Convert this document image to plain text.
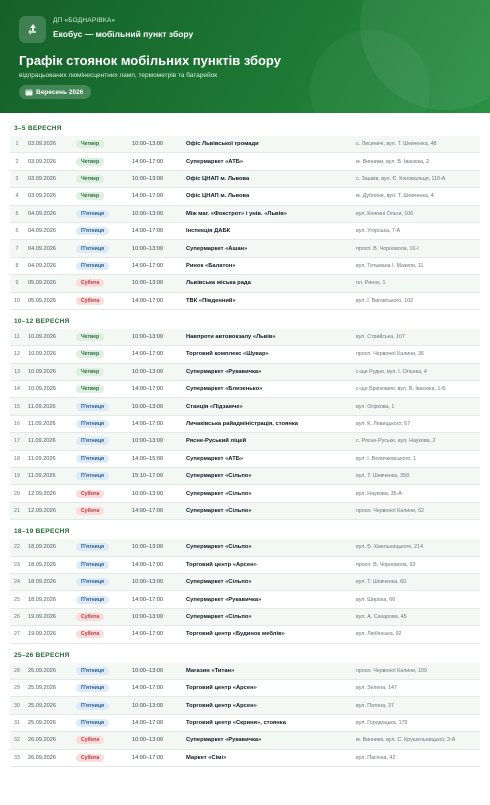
ДП «БОДНАРІВКА»
Екобус — мобільний пункт збору
Графік стоянок мобільних пунктів збору
відпрацьованих люмінесцентних ламп, термометрів та батарейок
Вересень 2026
3–5 ВЕРЕСНЯ
1	03.09.2026	Четвер	10:00–13:00	Офіс Львівської громади	с. Лисиничі, вул. Т. Шевченка, 48
2	03.09.2026	Четвер	14:00–17:00	Супермаркет «АТБ»	м. Винники, вул. В. Івасюка, 2
3	03.09.2026	Четвер	10:00–13:00	Офіс ЦНАП м. Львова	с. Зашків, вул. Є. Коновальця, 110-А
4	03.09.2026	Четвер	14:00–17:00	Офіс ЦНАП м. Львова	м. Дубляни, вул. Т. Шевченка, 4
5	04.09.2026	П'ятниця	10:00–13:00	Між маг. «Фокстрот» і унів. «Львів»	вул. Княгині Ольги, 106
6	04.09.2026	П'ятниця	14:00–17:00	Інспекція ДАБК	вул. Угорська, 7-А
7	04.09.2026	П'ятниця	10:00–13:00	Супермаркет «Ашан»	просп. В. Чорновола, 16-І
8	04.09.2026	П'ятниця	14:00–17:00	Ринок «Балатон»	вул. Тетьмана І. Мазепи, 11
9	05.09.2026	Субота	10:00–13:00	Львівська міська рада	пл. Ринок, 1
10	05.09.2026	Субота	14:00–17:00	ТВК «Південний»	вул. І. Виговського, 102
10–12 ВЕРЕСНЯ
11	10.09.2026	Четвер	10:00–13:00	Навпроти автовокзалу «Львів»	вул. Стрийська, 107
12	10.09.2026	Четвер	14:00–17:00	Торговий комплекс «Шувар»	просп. Червоної Калини, 36
13	10.09.2026	Четвер	10:00–13:00	Супермаркет «Рукавичка»	с-ще Рудно, вул. І. Огієнка, 4
14	10.09.2026	Четвер	14:00–17:00	Супермаркет «Близенько»	с-ще Брюховичі, вул. В. Івасюка, 1-Б
15	11.09.2026	П'ятниця	10:00–13:00	Станція «Підзамче»	вул. Огіркова, 1
16	11.09.2026	П'ятниця	14:00–17:00	Личаківська райадміністрація, стоянка	вул. К. Левицького, 67
17	11.09.2026	П'ятниця	10:00–13:00	Рясне-Руський ліцей	с. Рясне-Руське, вул. Наукова, 2
18	11.09.2026	П'ятниця	14:00–15:00	Супермаркет «АТБ»	вул. І. Величковського, 1
19	11.09.2026	П'ятниця	15:10–17:00	Супермаркет «Сільпо»	вул. Т. Шевченка, 358
20	12.09.2026	Субота	10:00–13:00	Супермаркет «Сільпо»	вул. Наукова, 35-А
21	12.09.2026	Субота	14:00–17:00	Супермаркет «Сільпо»	просп. Червоної Калини, 62
18–19 ВЕРЕСНЯ
22	18.09.2026	П'ятниця	10:00–13:00	Супермаркет «Сільпо»	вул. Б. Хмельницького, 214
23	18.09.2026	П'ятниця	14:00–17:00	Торговий центр «Арсен»	просп. В. Чорновола, 93
24	18.09.2026	П'ятниця	10:00–13:00	Супермаркет «Сільпо»	вул. Т. Шевченка, 60
25	18.09.2026	П'ятниця	14:00–17:00	Супермаркет «Рукавичка»	вул. Широка, 66
26	19.09.2026	Субота	10:00–13:00	Супермаркет «Сільпо»	вул. А. Сахарова, 45
27	19.09.2026	Субота	14:00–17:00	Торговий центр «Будинок меблів»	вул. Любінська, 92
25–26 ВЕРЕСНЯ
28	25.09.2026	П'ятниця	10:00–13:00	Магазин «Титан»	просп. Червоної Калини, 109
29	25.09.2026	П'ятниця	14:00–17:00	Торговий центр «Арсен»	вул. Зелена, 147
30	25.09.2026	П'ятниця	10:00–13:00	Торговий центр «Арсен»	вул. Патона, 37
31	25.09.2026	П'ятниця	14:00–17:00	Торговий центр «Скриня», стоянка	вул. Городоцька, 179
32	26.09.2026	Субота	10:00–13:00	Супермаркет «Рукавичка»	м. Винники, вул. С. Крушельницької, 3-А
33	26.09.2026	Субота	14:00–17:00	Маркет «Сімі»	вул. Пасічна, 42
